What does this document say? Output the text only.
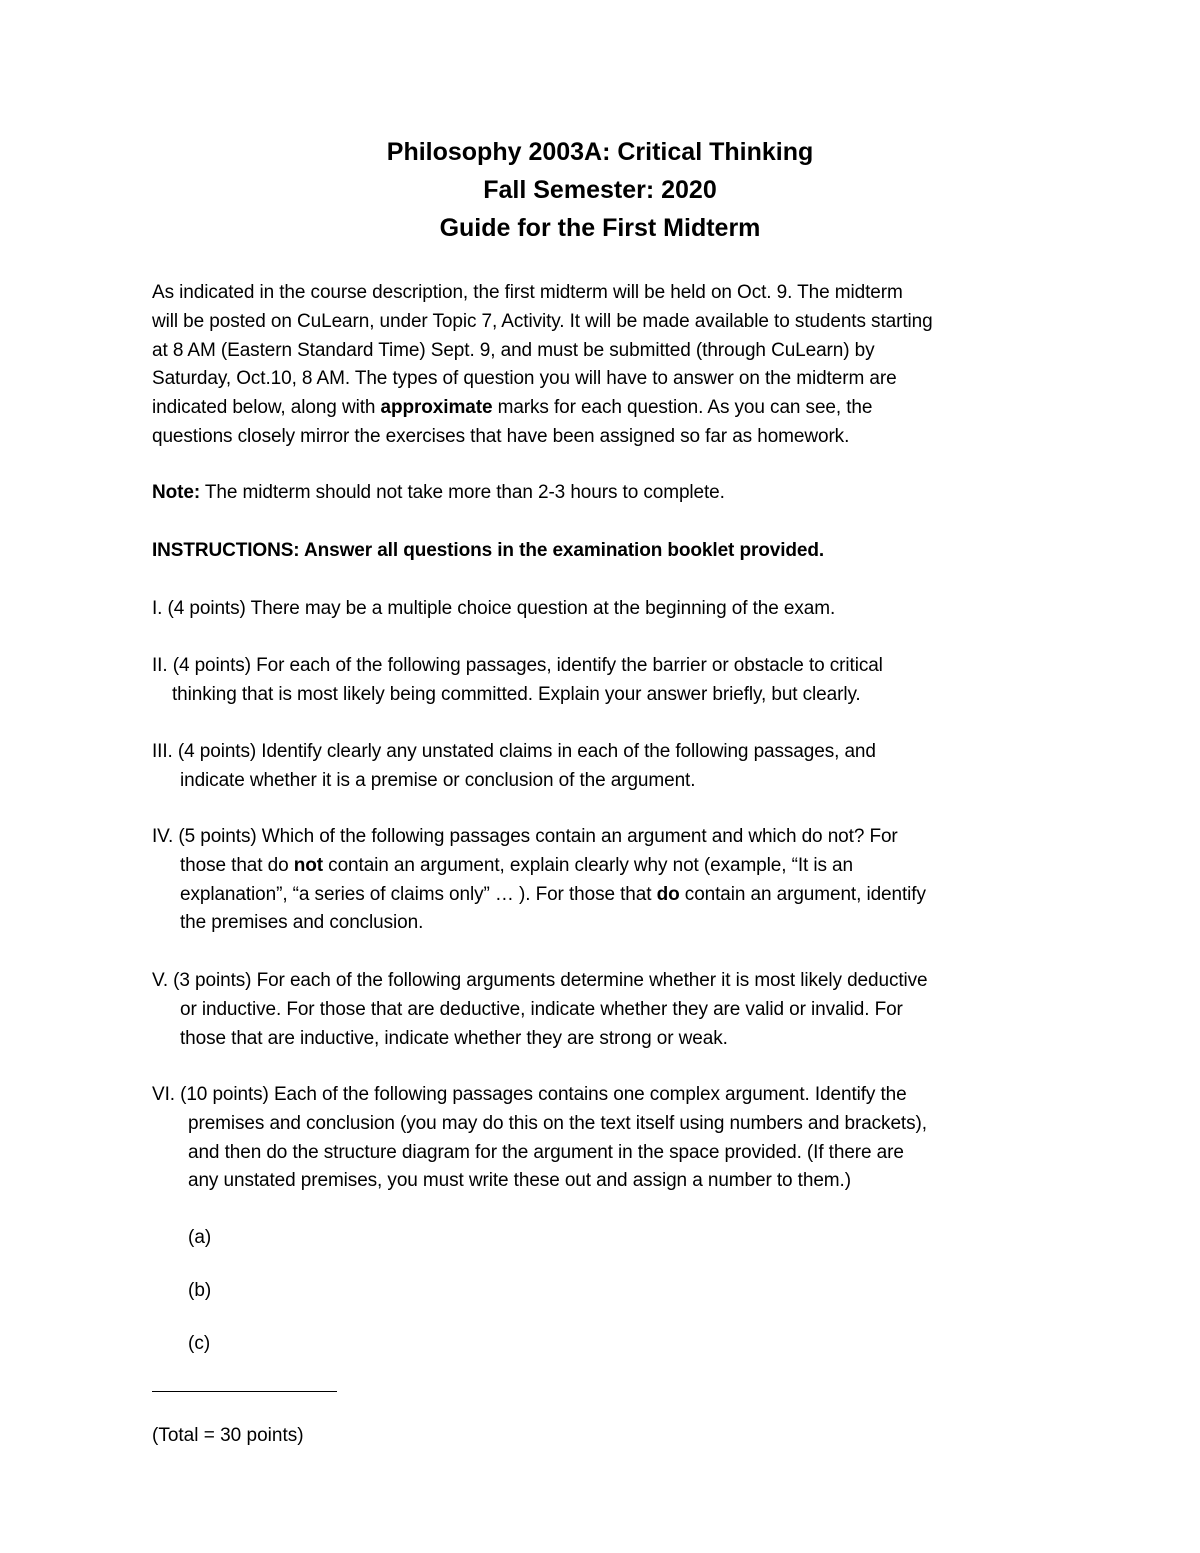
Philosophy 2003A: Critical Thinking
Fall Semester: 2020
Guide for the First Midterm
As indicated in the course description, the first midterm will be held on Oct. 9. The midterm
will be posted on CuLearn, under Topic 7, Activity. It will be made available to students starting
at 8 AM (Eastern Standard Time) Sept. 9, and must be submitted (through CuLearn) by
Saturday, Oct.10, 8 AM. The types of question you will have to answer on the midterm are
indicated below, along with approximate marks for each question. As you can see, the
questions closely mirror the exercises that have been assigned so far as homework.
Note: The midterm should not take more than 2-3 hours to complete.
INSTRUCTIONS: Answer all questions in the examination booklet provided.
I. (4 points) There may be a multiple choice question at the beginning of the exam.
II. (4 points) For each of the following passages, identify the barrier or obstacle to critical
thinking that is most likely being committed. Explain your answer briefly, but clearly.
III. (4 points) Identify clearly any unstated claims in each of the following passages, and
indicate whether it is a premise or conclusion of the argument.
IV. (5 points) Which of the following passages contain an argument and which do not? For
those that do not contain an argument, explain clearly why not (example, “It is an
explanation”, “a series of claims only” … ). For those that do contain an argument, identify
the premises and conclusion.
V. (3 points) For each of the following arguments determine whether it is most likely deductive
or inductive. For those that are deductive, indicate whether they are valid or invalid. For
those that are inductive, indicate whether they are strong or weak.
VI. (10 points) Each of the following passages contains one complex argument. Identify the
premises and conclusion (you may do this on the text itself using numbers and brackets),
and then do the structure diagram for the argument in the space provided. (If there are
any unstated premises, you must write these out and assign a number to them.)
(a)
(b)
(c)
(Total = 30 points)
